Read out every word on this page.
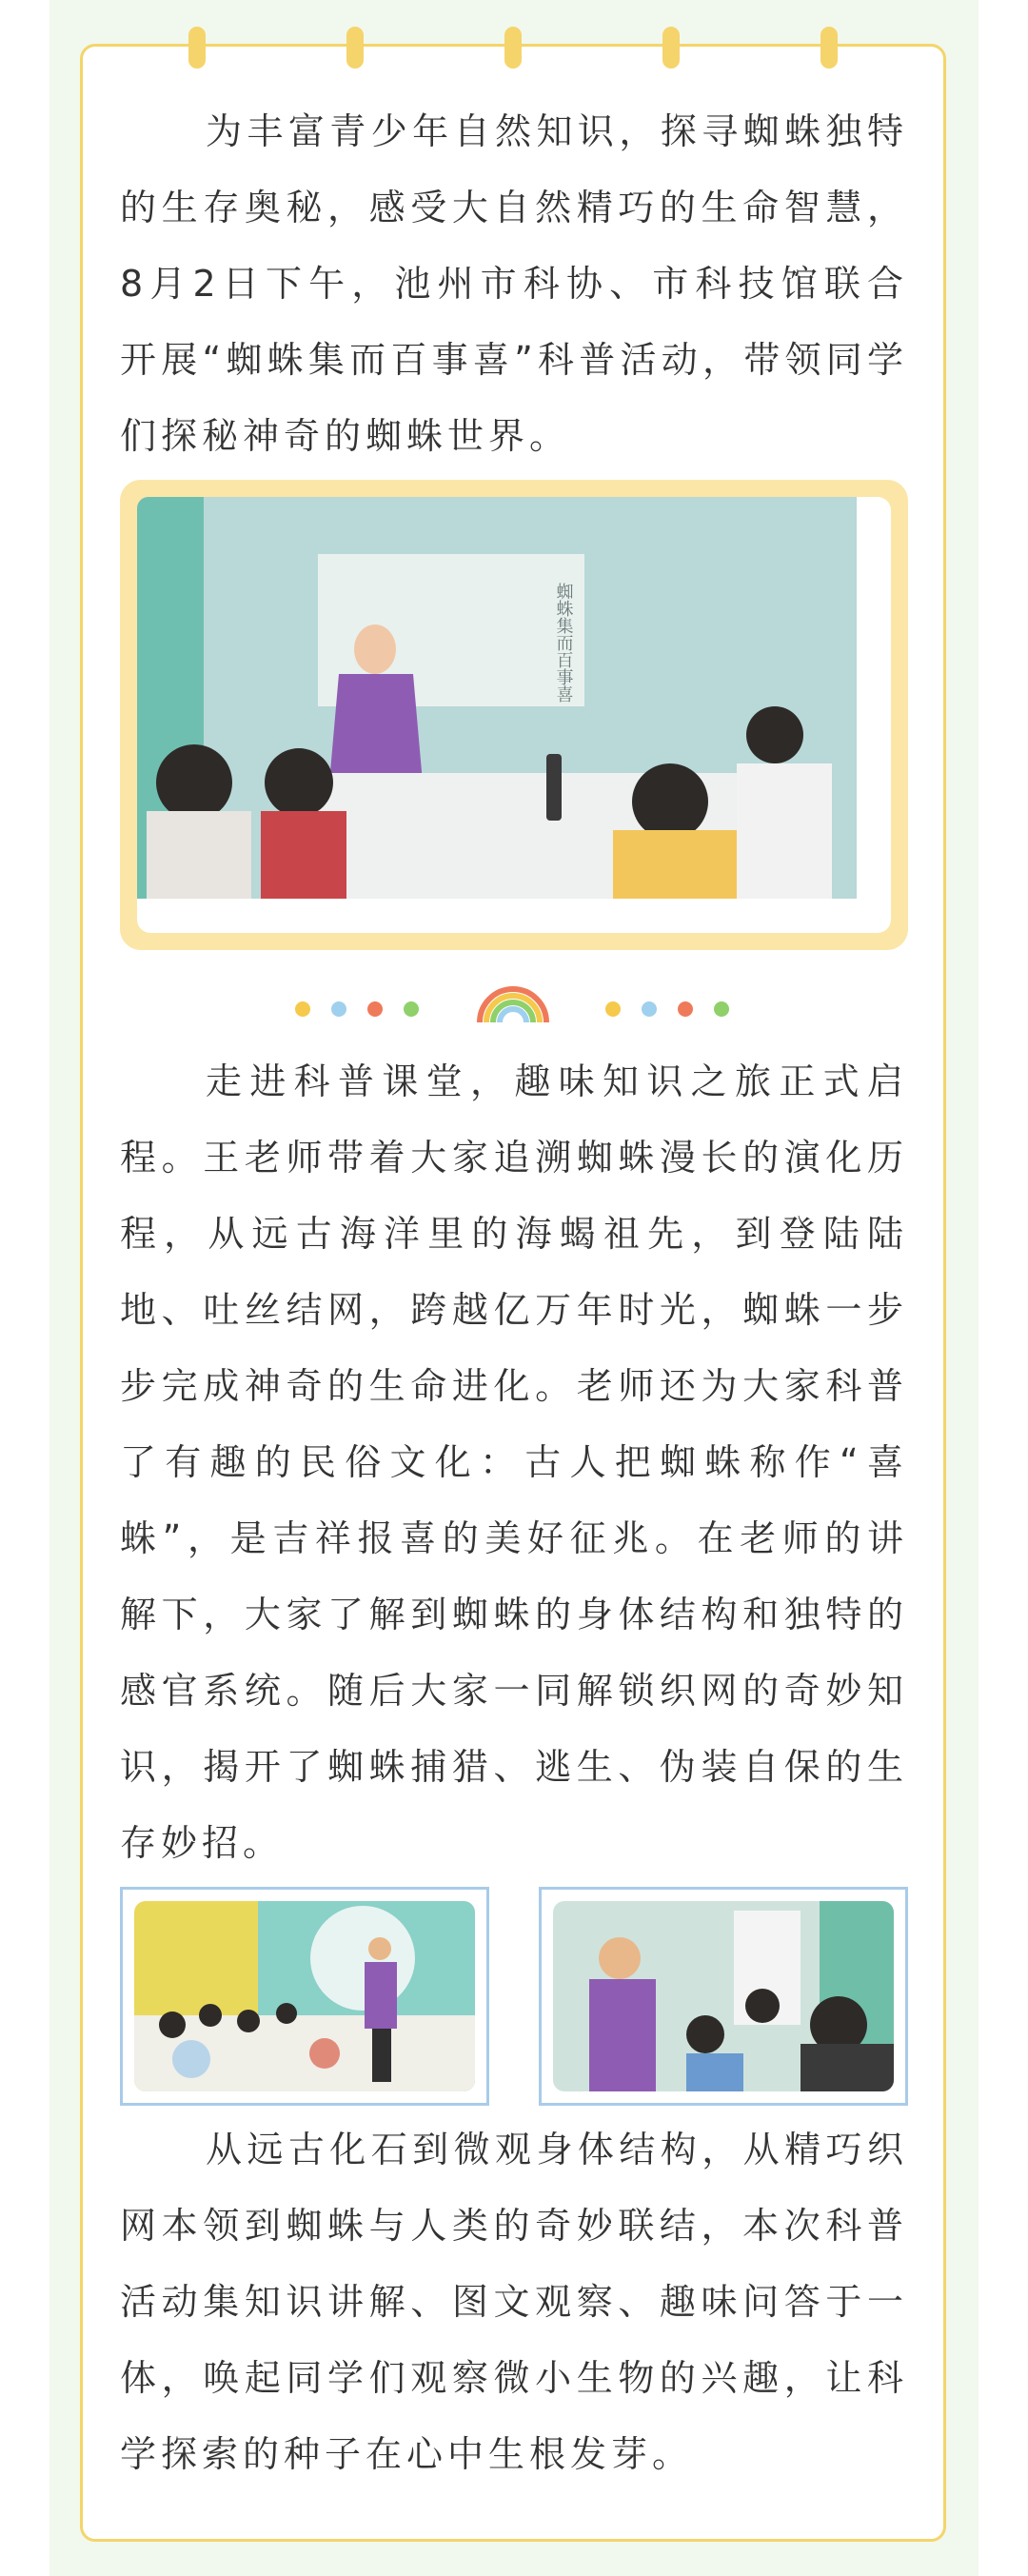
为丰富青少年自然知识，探寻蜘蛛独特的生存奥秘，感受大自然精巧的生命智慧，8月2日下午，池州市科协、市科技馆联合开展“蜘蛛集而百事喜”科普活动，带领同学们探秘神奇的蜘蛛世界。

蜘蛛集而百事喜

走进科普课堂，趣味知识之旅正式启程。王老师带着大家追溯蜘蛛漫长的演化历程，从远古海洋里的海蝎祖先，到登陆陆地、吐丝结网，跨越亿万年时光，蜘蛛一步步完成神奇的生命进化。老师还为大家科普了有趣的民俗文化：古人把蜘蛛称作“喜蛛”，是吉祥报喜的美好征兆。在老师的讲解下，大家了解到蜘蛛的身体结构和独特的感官系统。随后大家一同解锁织网的奇妙知识，揭开了蜘蛛捕猎、逃生、伪装自保的生存妙招。

从远古化石到微观身体结构，从精巧织网本领到蜘蛛与人类的奇妙联结，本次科普活动集知识讲解、图文观察、趣味问答于一体，唤起同学们观察微小生物的兴趣，让科学探索的种子在心中生根发芽。
